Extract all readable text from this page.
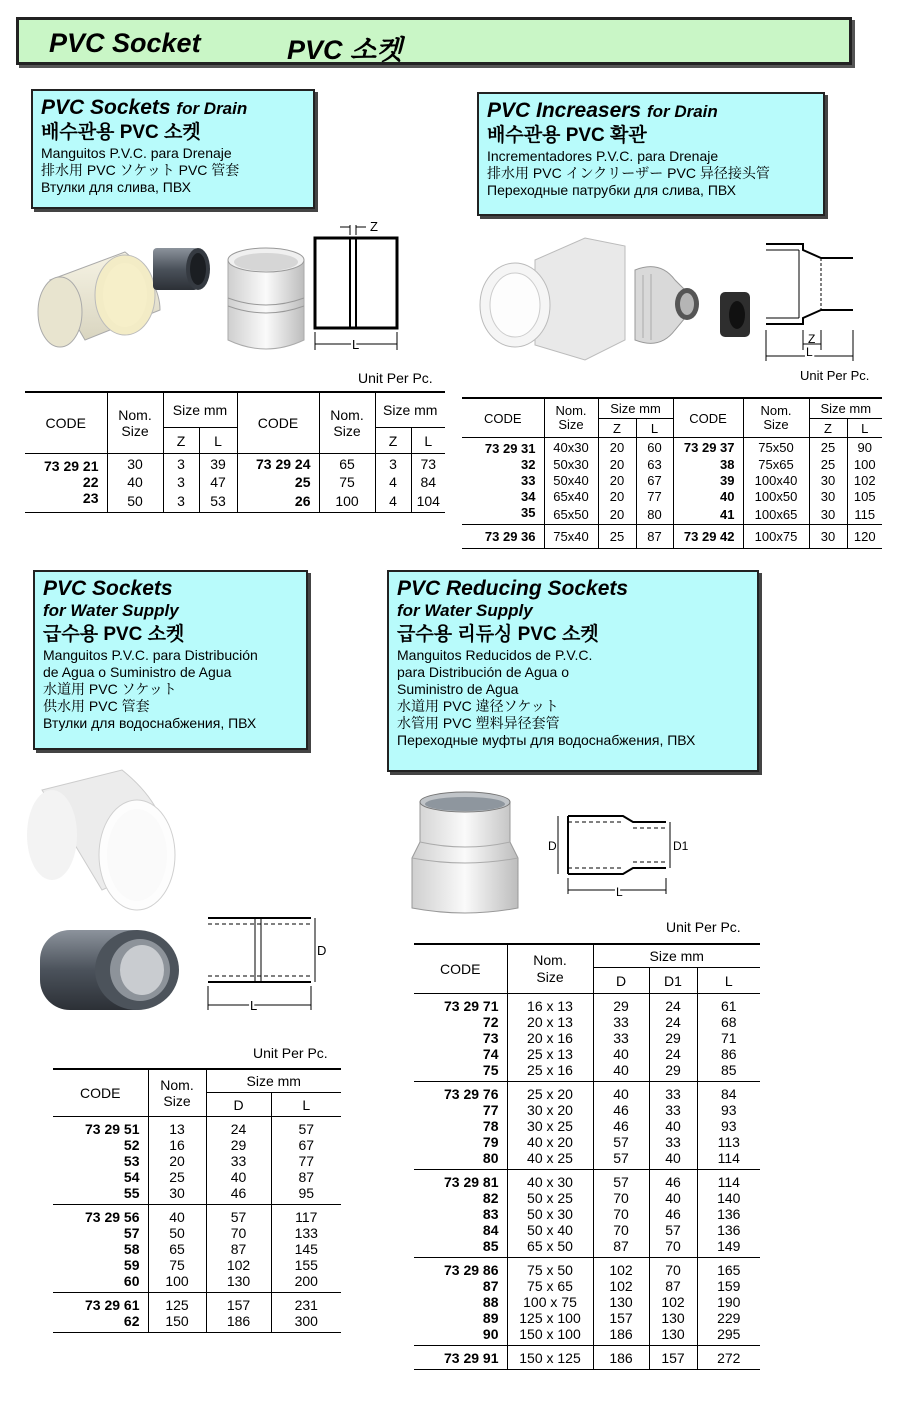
PVC Socket	PVC 소켓
PVC Sockets for Drain
배수관용 PVC 소켓
Manguitos P.V.C. para Drenaje
排水用 PVC ソケット PVC 管套
Втулки для слива, ПВХ
Z
L
Unit Per Pc.
CODE	Nom.
Size	Size mm		CODE	Nom.
Size	Size mm	
		Z	L			Z	L
73 29 21	30	3	39	73 29 24	65	3	73
22	40	3	47	25	75	4	84
23	50	3	53	26	100	4	104
PVC Increasers for Drain
배수관용 PVC 확관
Incrementadores P.V.C. para Drenaje
排水用 PVC インクリーザー PVC 异径接头管
Переходные патрубки для слива, ПВХ
Z
L
Unit Per Pc.
CODE	Nom.
Size	Size mm		CODE	Nom.
Size	Size mm	
		Z	L			Z	L
73 29 31	40x30	20	60	73 29 37	75x50	25	90
32	50x30	20	63	38	75x65	25	100
33	50x40	20	67	39	100x40	30	102
34	65x40	20	77	40	100x50	30	105
35	65x50	20	80	41	100x65	30	115
73 29 36	75x40	25	87	73 29 42	100x75	30	120
PVC Sockets
for Water Supply
급수용 PVC 소켓
Manguitos P.V.C. para Distribución
de Agua o Suministro de Agua
水道用 PVC ソケット
供水用 PVC 管套
Втулки для водоснабжения, ПВХ
D
L
Unit Per Pc.
CODE	Nom.
Size	Size mm	
		D	L
73 29 51	13	24	57
52	16	29	67
53	20	33	77
54	25	40	87
55	30	46	95
73 29 56	40	57	117
57	50	70	133
58	65	87	145
59	75	102	155
60	100	130	200
73 29 61	125	157	231
62	150	186	300
PVC Reducing Sockets
for Water Supply
급수용 리듀싱 PVC 소켓
Manguitos Reducidos de P.V.C.
para Distribución de Agua o
Suministro de Agua
水道用 PVC 違径ソケット
水管用 PVC 塑料异径套管
Переходные муфты для водоснабжения, ПВХ
D	D1
L
Unit Per Pc.
CODE	Nom.
Size	Size mm		
		D	D1	L
73 29 71	16 x 13	29	24	61
72	20 x 13	33	24	68
73	20 x 16	33	29	71
74	25 x 13	40	24	86
75	25 x 16	40	29	85
73 29 76	25 x 20	40	33	84
77	30 x 20	46	33	93
78	30 x 25	46	40	93
79	40 x 20	57	33	113
80	40 x 25	57	40	114
73 29 81	40 x 30	57	46	114
82	50 x 25	70	40	140
83	50 x 30	70	46	136
84	50 x 40	70	57	136
85	65 x 50	87	70	149
73 29 86	75 x 50	102	70	165
87	75 x 65	102	87	159
88	100 x 75	130	102	190
89	125 x 100	157	130	229
90	150 x 100	186	130	295
73 29 91	150 x 125	186	157	272
